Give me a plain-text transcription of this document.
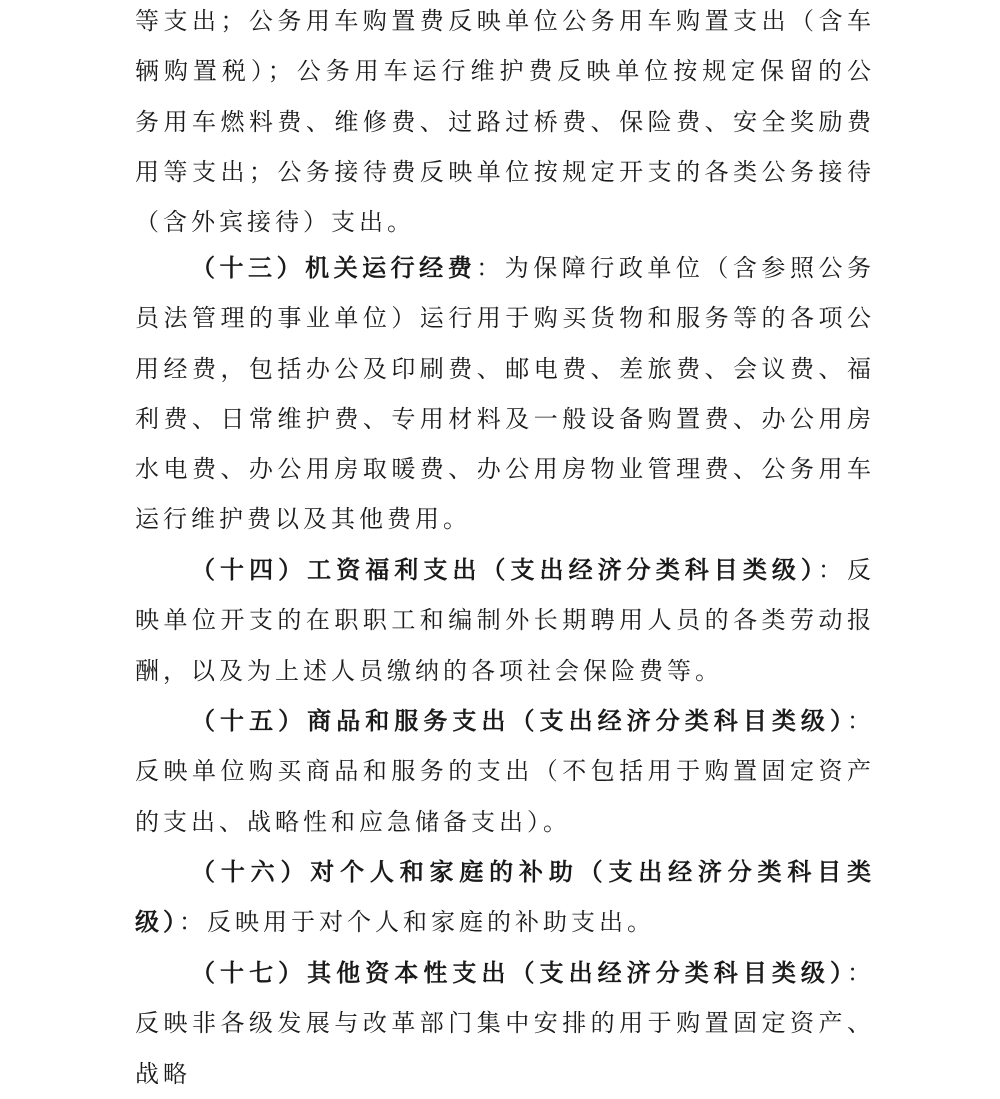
等支出；公务用车购置费反映单位公务用车购置支出（含车辆购置税）；公务用车运行维护费反映单位按规定保留的公务用车燃料费、维修费、过路过桥费、保险费、安全奖励费用等支出；公务接待费反映单位按规定开支的各类公务接待（含外宾接待）支出。

（十三）机关运行经费：为保障行政单位（含参照公务员法管理的事业单位）运行用于购买货物和服务等的各项公用经费，包括办公及印刷费、邮电费、差旅费、会议费、福利费、日常维护费、专用材料及一般设备购置费、办公用房水电费、办公用房取暖费、办公用房物业管理费、公务用车运行维护费以及其他费用。

（十四）工资福利支出（支出经济分类科目类级）：反映单位开支的在职职工和编制外长期聘用人员的各类劳动报酬，以及为上述人员缴纳的各项社会保险费等。

（十五）商品和服务支出（支出经济分类科目类级）：反映单位购买商品和服务的支出（不包括用于购置固定资产的支出、战略性和应急储备支出）。

（十六）对个人和家庭的补助（支出经济分类科目类级）：反映用于对个人和家庭的补助支出。

（十七）其他资本性支出（支出经济分类科目类级）：反映非各级发展与改革部门集中安排的用于购置固定资产、战略
